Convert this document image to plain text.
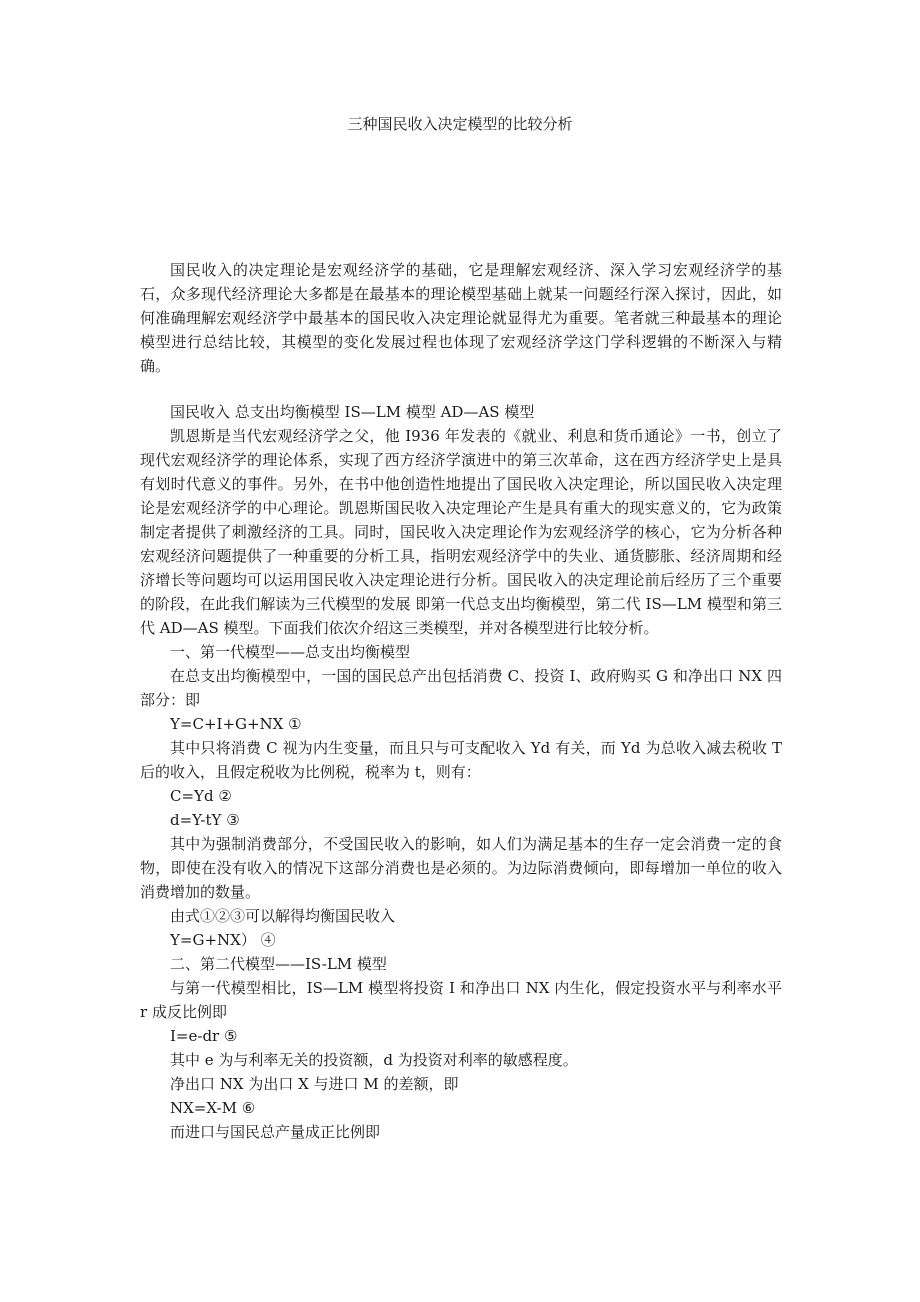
三种国民收入决定模型的比较分析

国民收入的决定理论是宏观经济学的基础，它是理解宏观经济、深入学习宏观经济学的基石，众多现代经济理论大多都是在最基本的理论模型基础上就某一问题经行深入探讨，因此，如何准确理解宏观经济学中最基本的国民收入决定理论就显得尤为重要。笔者就三种最基本的理论模型进行总结比较，其模型的变化发展过程也体现了宏观经济学这门学科逻辑的不断深入与精确。

国民收入 总支出均衡模型 IS—LM 模型 AD—AS 模型

凯恩斯是当代宏观经济学之父，他 I936 年发表的《就业、利息和货币通论》一书，创立了现代宏观经济学的理论体系，实现了西方经济学演进中的第三次革命，这在西方经济学史上是具有划时代意义的事件。另外，在书中他创造性地提出了国民收入决定理论，所以国民收入决定理论是宏观经济学的中心理论。凯恩斯国民收入决定理论产生是具有重大的现实意义的，它为政策制定者提供了刺激经济的工具。同时，国民收入决定理论作为宏观经济学的核心，它为分析各种宏观经济问题提供了一种重要的分析工具，指明宏观经济学中的失业、通货膨胀、经济周期和经济增长等问题均可以运用国民收入决定理论进行分析。国民收入的决定理论前后经历了三个重要的阶段，在此我们解读为三代模型的发展 即第一代总支出均衡模型，第二代 IS—LM 模型和第三代 AD—AS 模型。下面我们依次介绍这三类模型，并对各模型进行比较分析。

一、第一代模型——总支出均衡模型

在总支出均衡模型中，一国的国民总产出包括消费 C、投资 I、政府购买 G 和净出口 NX 四部分：即

Y=C+I+G+NX ①

其中只将消费 C 视为内生变量，而且只与可支配收入 Yd 有关，而 Yd 为总收入减去税收 T 后的收入，且假定税收为比例税，税率为 t，则有：

C=Yd ②

d=Y-tY ③

其中为强制消费部分，不受国民收入的影响，如人们为满足基本的生存一定会消费一定的食物，即使在没有收入的情况下这部分消费也是必须的。为边际消费倾向，即每增加一单位的收入消费增加的数量。

由式①②③可以解得均衡国民收入

Y=G+NX） ④

二、第二代模型——IS-LM 模型

与第一代模型相比，IS—LM 模型将投资 I 和净出口 NX 内生化，假定投资水平与利率水平 r 成反比例即

I=e-dr ⑤

其中 e 为与利率无关的投资额，d 为投资对利率的敏感程度。

净出口 NX 为出口 X 与进口 M 的差额，即

NX=X-M ⑥

而进口与国民总产量成正比例即
